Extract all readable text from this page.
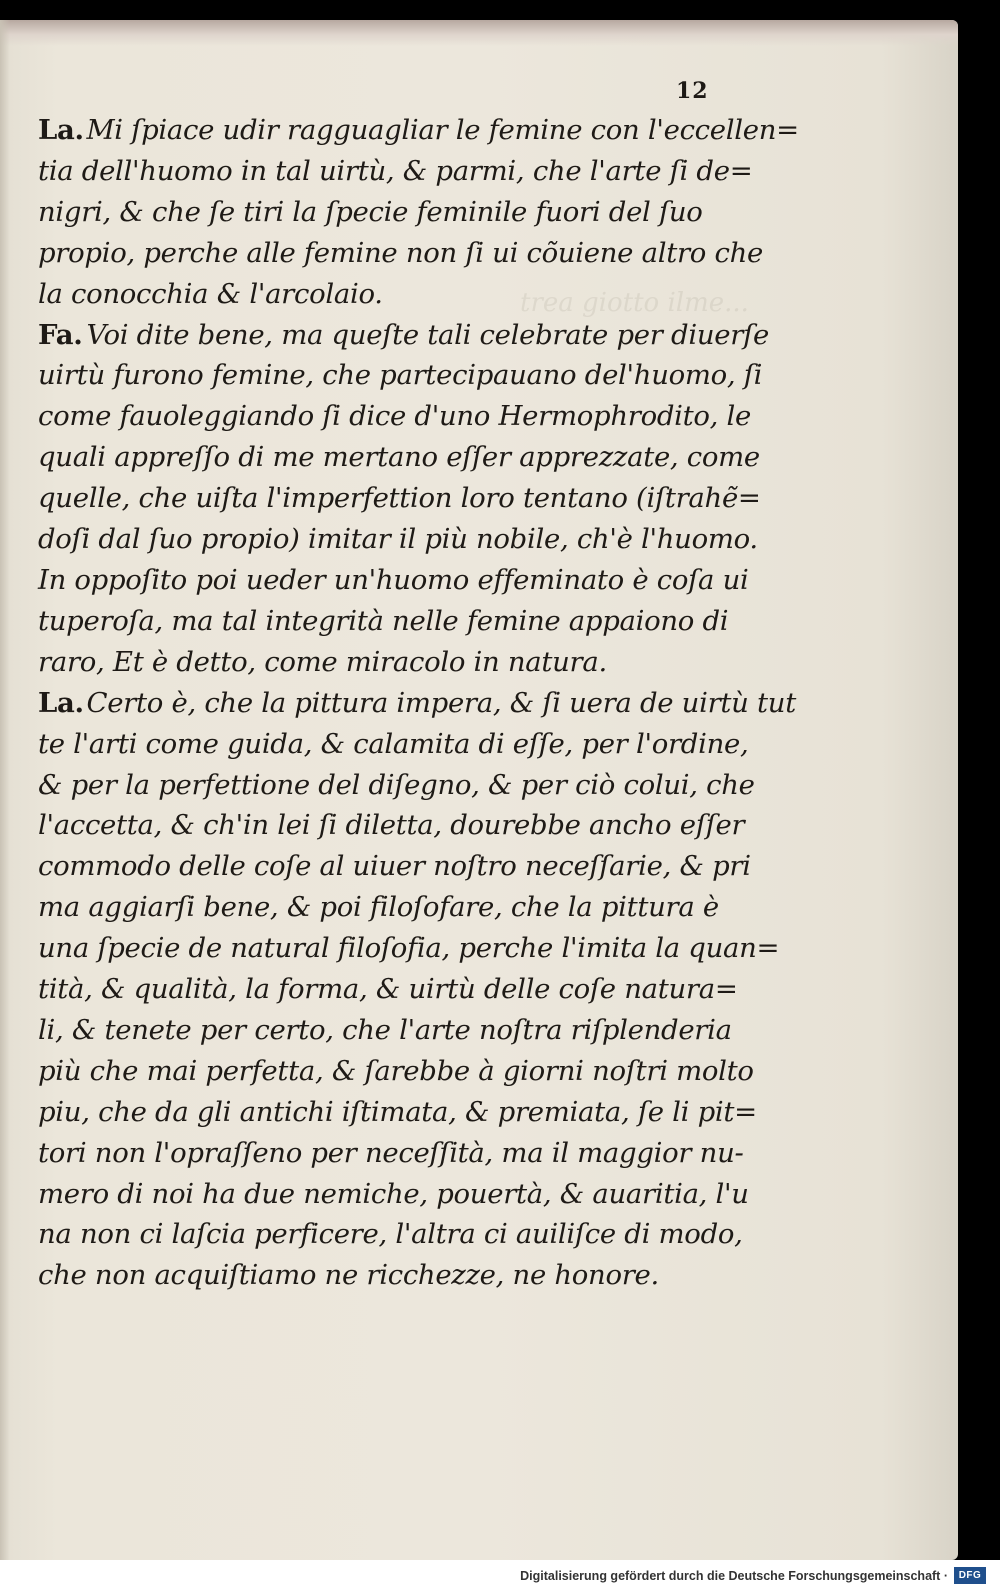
trea giotto ilme...
12
La. Mi ſpiace udir ragguagliar le femine con l'eccellen=
tia dell'huomo in tal uirtù, & parmi, che l'arte ſi de=
nigri, & che ſe tiri la ſpecie feminile fuori del ſuo
propio, perche alle femine non ſi ui cõuiene altro che
la conocchia & l'arcolaio.
Fa. Voi dite bene, ma queſte tali celebrate per diuerſe
uirtù furono femine, che partecipauano del'huomo, ſi
come fauoleggiando ſi dice d'uno Hermophrodito, le
quali appreſſo di me mertano eſſer apprezzate, come
quelle, che uiſta l'imperfettion loro tentano (iſtrahẽ=
doſi dal ſuo propio) imitar il più nobile, ch'è l'huomo.
In oppoſito poi ueder un'huomo effeminato è coſa ui
tuperoſa, ma tal integrità nelle femine appaiono di
raro, Et è detto, come miracolo in natura.
La. Certo è, che la pittura impera, & ſi uera de uirtù tut
te l'arti come guida, & calamita di eſſe, per l'ordine,
& per la perfettione del diſegno, & per ciò colui, che
l'accetta, & ch'in lei ſi diletta, dourebbe ancho eſſer
commodo delle coſe al uiuer noſtro neceſſarie, & pri
ma aggiarſi bene, & poi filoſofare, che la pittura è
una ſpecie de natural filoſofia, perche l'imita la quan=
tità, & qualità, la forma, & uirtù delle coſe natura=
li, & tenete per certo, che l'arte noſtra riſplenderia
più che mai perfetta, & ſarebbe à giorni noſtri molto
piu, che da gli antichi iſtimata, & premiata, ſe li pit=
tori non l'oprаſſeno per neceſſità, ma il maggior nu-
mero di noi ha due nemiche, pouertà, & auaritia, l'u
na non ci laſcia perficere, l'altra ci auiliſce di modo,
che non acquiſtiamo ne ricchezze, ne honore.
Digitalisierung gefördert durch die Deutsche Forschungsgemeinschaft ·	DFG
